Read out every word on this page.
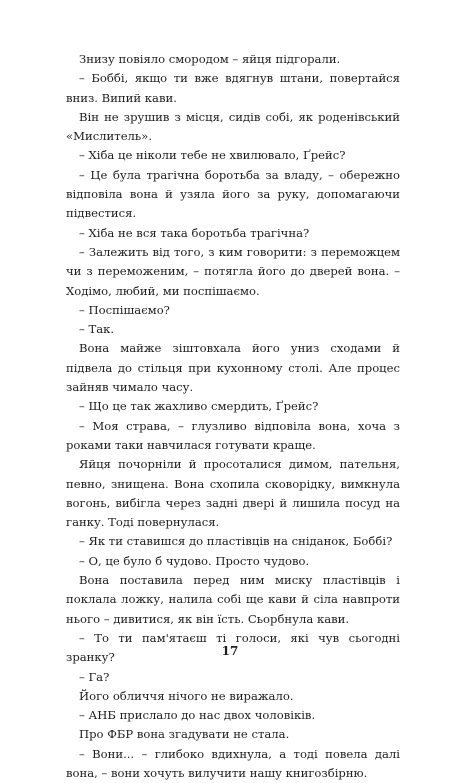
Знизу повіяло смородом – яйця підгорали.

– Боббі, якщо ти вже вдягнув штани, повертайся вниз. Випий кави.

Він не зрушив з місця, сидів собі, як роденівський «Мислитель».

– Хіба це ніколи тебе не хвилювало, Ґрейс?

– Це була трагічна боротьба за владу, – обережно відповіла вона й узяла його за руку, допомагаючи підвестися.

– Хіба не вся така боротьба трагічна?

– Залежить від того, з ким говорити: з переможцем чи з переможеним, – потягла його до дверей вона. – Ходімо, любий, ми поспішаємо.

– Поспішаємо?

– Так.

Вона майже зіштовхала його униз сходами й підвела до стільця при кухонному столі. Але процес зайняв чимало часу.

– Що це так жахливо смердить, Ґрейс?

– Моя страва, – глузливо відповіла вона, хоча з роками таки навчилася готувати краще.

Яйця почорніли й просоталися димом, пательня, певно, знищена. Вона схопила сковорідку, вимкнула вогонь, вибігла через задні двері й лишила посуд на ганку. Тоді повернулася.

– Як ти ставишся до пластівців на сніданок, Боббі?

– О, це було б чудово. Просто чудово.

Вона поставила перед ним миску пластівців і поклала ложку, налила собі ще кави й сіла навпроти нього – дивитися, як він їсть. Сьорбнула кави.

– То ти пам'ятаєш ті голоси, які чув сьогодні зранку?

– Га?

Його обличчя нічого не виражало.

– АНБ прислало до нас двох чоловіків.

Про ФБР вона згадувати не стала.

– Вони... – глибоко вдихнула, а тоді повела далі вона, – вони хочуть вилучити нашу книгозбірню.

17
